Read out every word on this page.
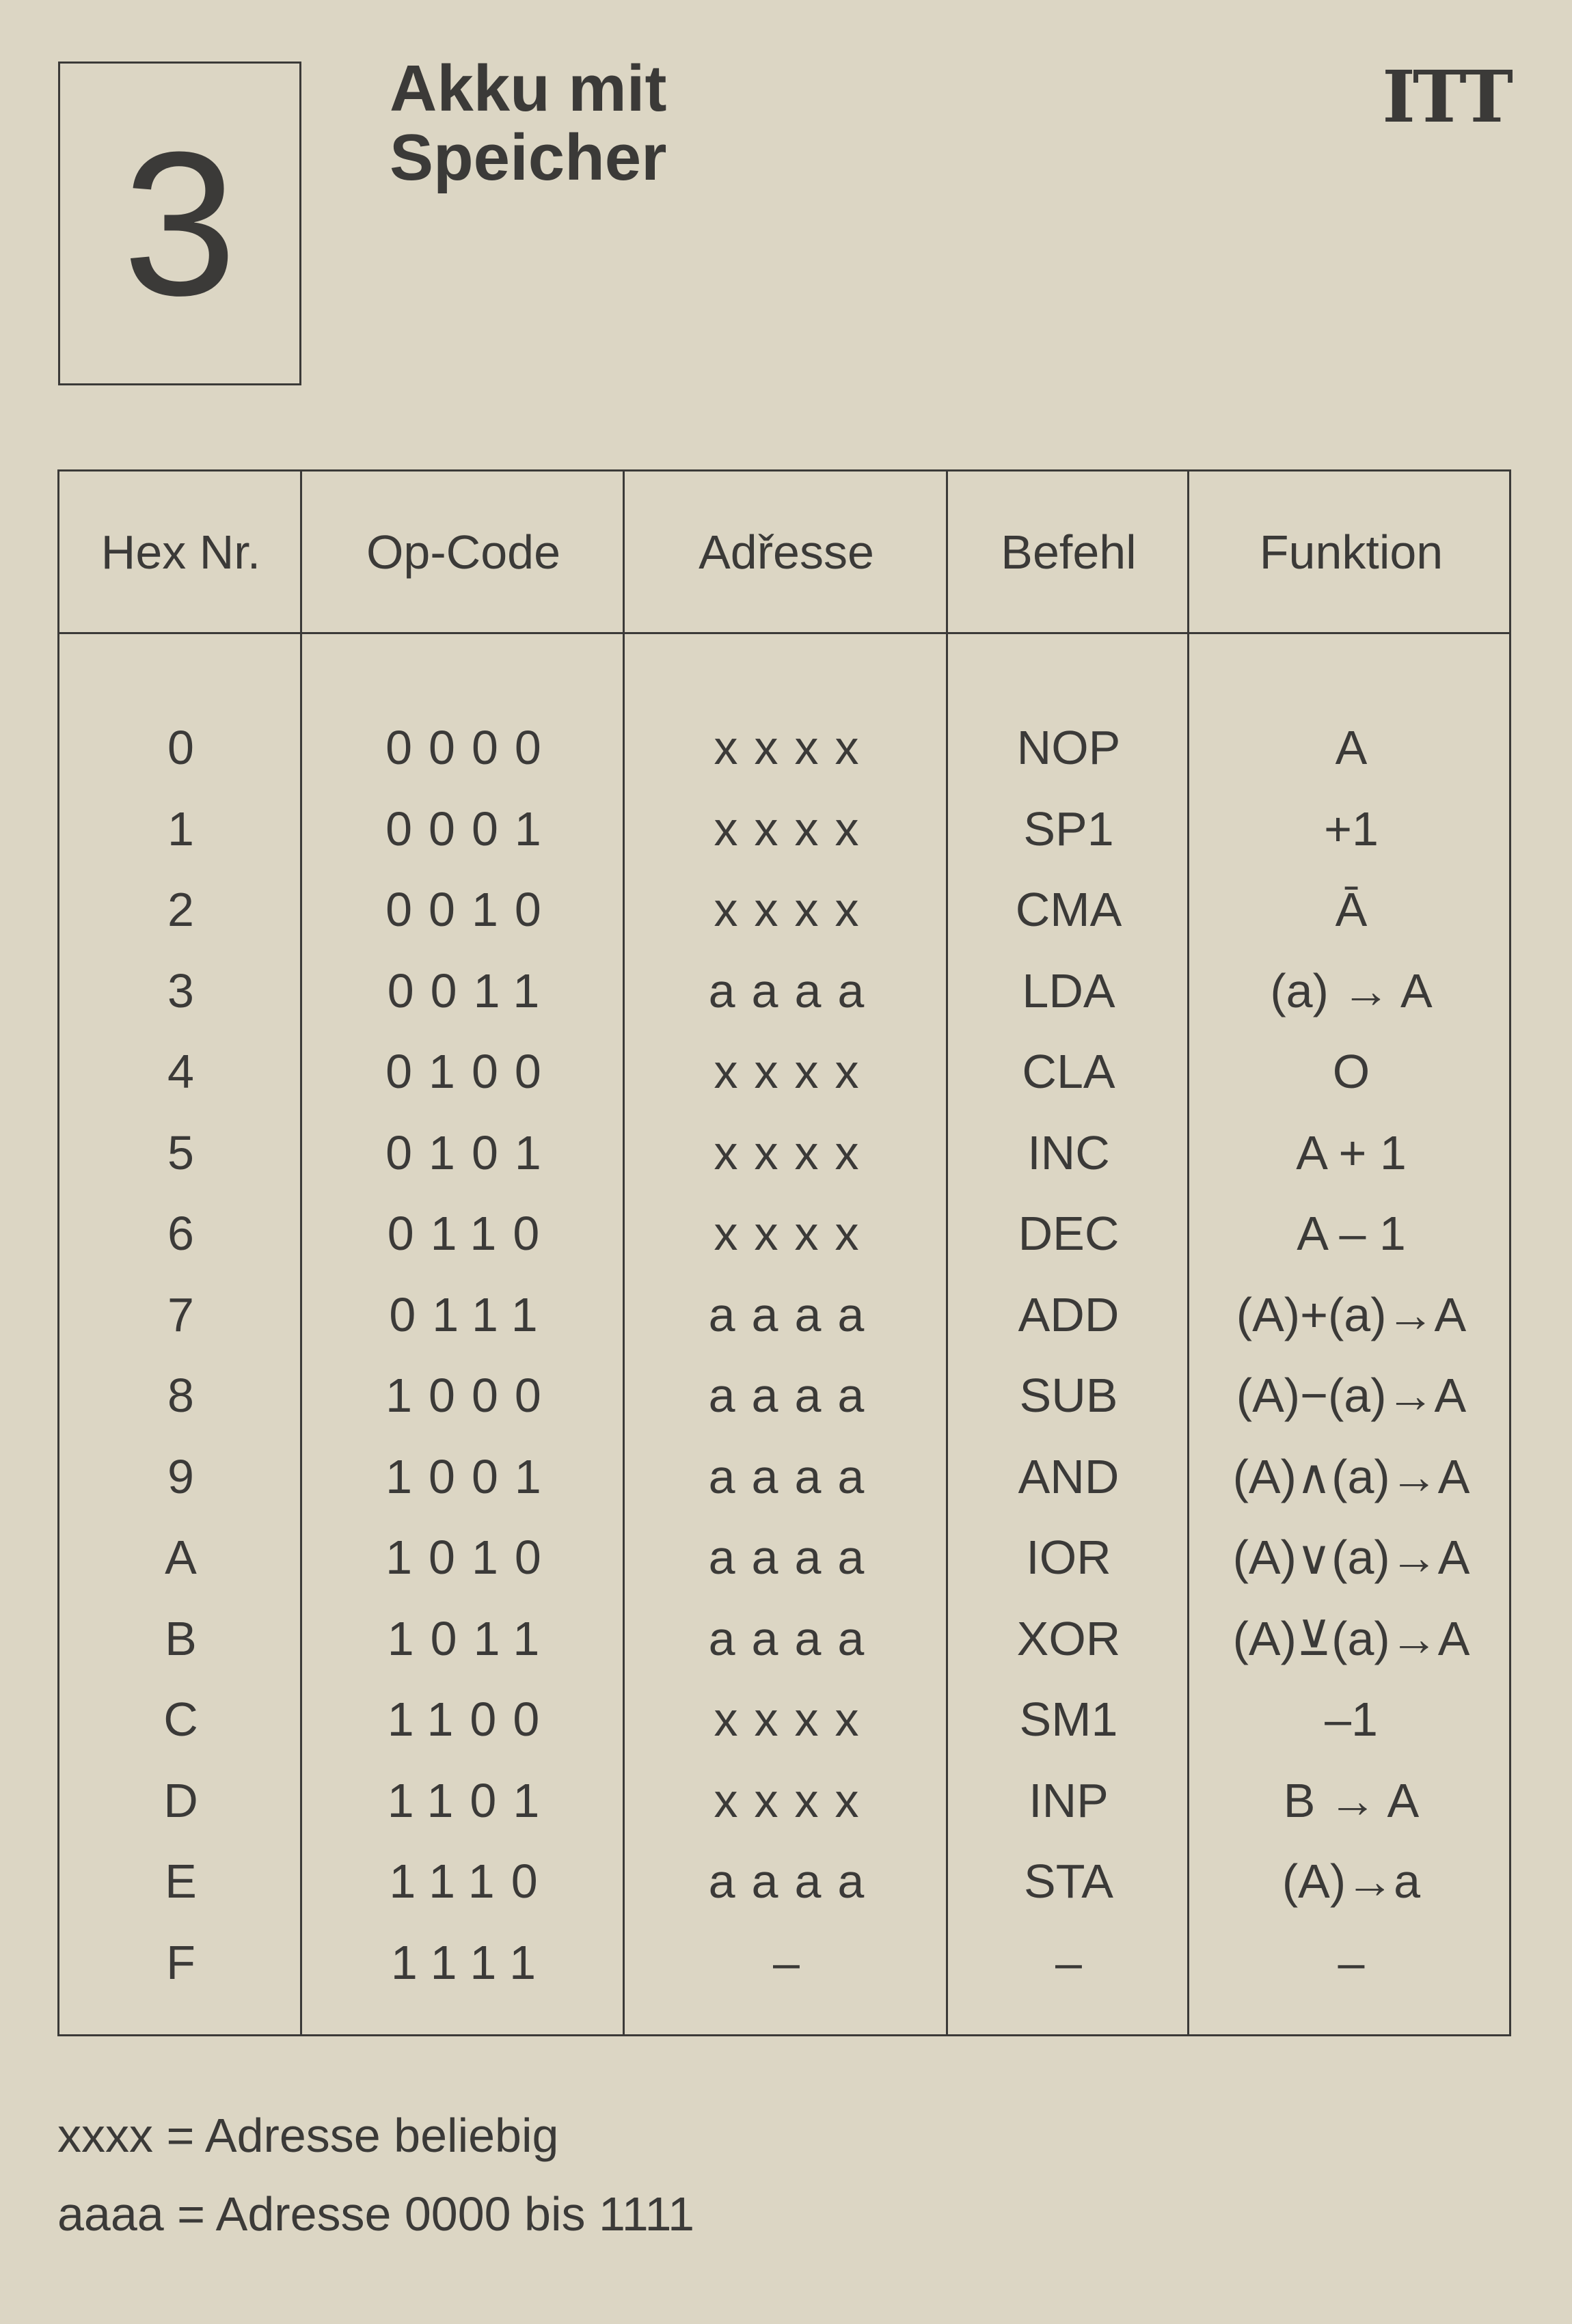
3
Akku mit
Speicher
ITT
Hex Nr.	Op-Code	Adřesse	Befehl	Funktion
0	0000	xxxx	NOP	A
1	0001	xxxx	SP1	+1
2	0010	xxxx	CMA	Ā
3	0011	aaaa	LDA	(a) → A
4	0100	xxxx	CLA	O
5	0101	xxxx	INC	A + 1
6	0110	xxxx	DEC	A – 1
7	0111	aaaa	ADD	(A)+(a)→A
8	1000	aaaa	SUB	(A)−(a)→A
9	1001	aaaa	AND	(A)∧(a)→A
A	1010	aaaa	IOR	(A)∨(a)→A
B	1011	aaaa	XOR	(A)⊻(a)→A
C	1100	xxxx	SM1	–1
D	1101	xxxx	INP	B → A
E	1110	aaaa	STA	(A)→a
F	1111	–	–	–
xxxx = Adresse beliebig
aaaa = Adresse 0000 bis 1111
